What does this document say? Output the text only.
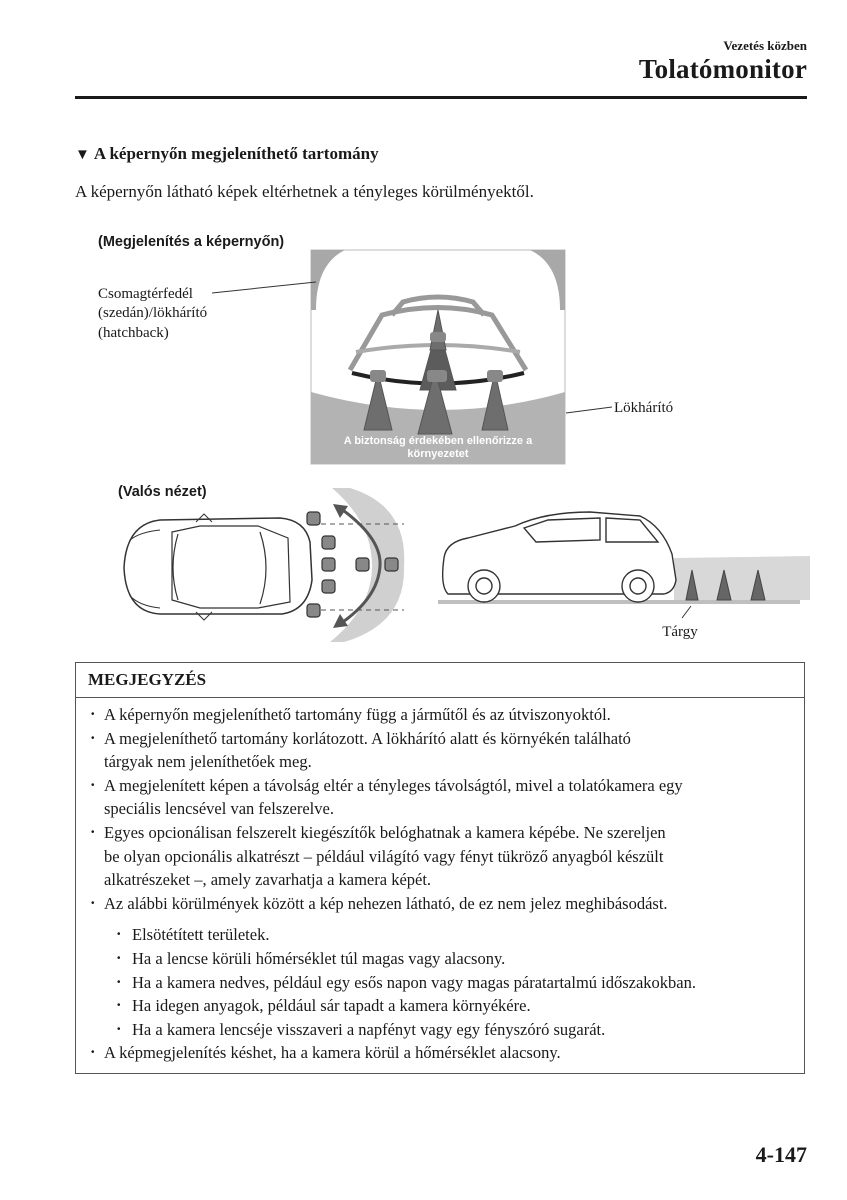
Vezetés közben
Tolatómonitor
▼ A képernyőn megjeleníthető tartomány
A képernyőn látható képek eltérhetnek a tényleges körülményektől.
(Megjelenítés a képernyőn)
A biztonság érdekében ellenőrizze a
környezetet
Csomagtérfedél
(szedán)/lökhárító
(hatchback)
Lökhárító
(Valós nézet)
Tárgy
MEGJEGYZÉS
· A képernyőn megjeleníthető tartomány függ a járműtől és az útviszonyoktól.
· A megjeleníthető tartomány korlátozott. A lökhárító alatt és környékén található
tárgyak nem jeleníthetőek meg.
· A megjelenített képen a távolság eltér a tényleges távolságtól, mivel a tolatókamera egy
speciális lencsével van felszerelve.
· Egyes opcionálisan felszerelt kiegészítők belóghatnak a kamera képébe. Ne szereljen
be olyan opcionális alkatrészt – például világító vagy fényt tükröző anyagból készült
alkatrészeket –, amely zavarhatja a kamera képét.
· Az alábbi körülmények között a kép nehezen látható, de ez nem jelez meghibásodást.
· Elsötétített területek.
· Ha a lencse körüli hőmérséklet túl magas vagy alacsony.
· Ha a kamera nedves, például egy esős napon vagy magas páratartalmú időszakokban.
· Ha idegen anyagok, például sár tapadt a kamera környékére.
· Ha a kamera lencséje visszaveri a napfényt vagy egy fényszóró sugarát.
· A képmegjelenítés késhet, ha a kamera körül a hőmérséklet alacsony.
4-147
